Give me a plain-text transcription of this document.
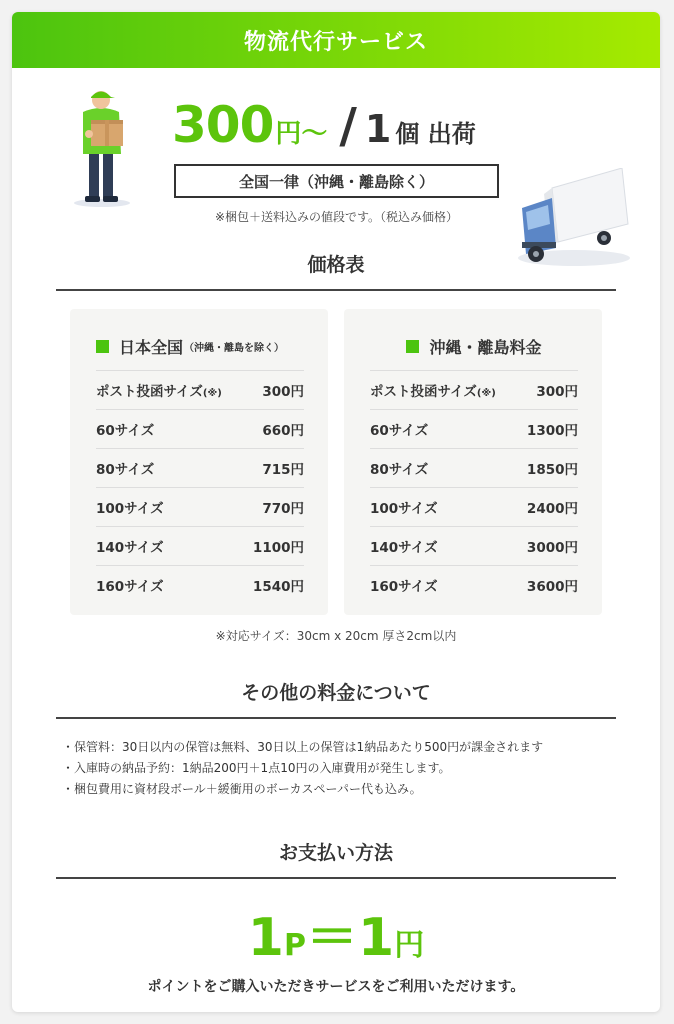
物流代行サービス
300 円〜 / 1 個 出荷
全国一律（沖縄・離島除く）
※梱包＋送料込みの値段です。（税込み価格）
価格表
日本全国 （沖縄・離島を除く）
ポスト投函サイズ(※)	300円
60サイズ	660円
80サイズ	715円
100サイズ	770円
140サイズ	1100円
160サイズ	1540円
沖縄・離島料金
ポスト投函サイズ(※)	300円
60サイズ	1300円
80サイズ	1850円
100サイズ	2400円
140サイズ	3000円
160サイズ	3600円
※対応サイズ：30cm x 20cm 厚さ2cm以内
その他の料金について
・ 保管料：30日以内の保管は無料、30日以上の保管は1納品あたり500円が課金されます
・ 入庫時の納品予約：1納品200円＋1点10円の入庫費用が発生します。
・ 梱包費用に資材段ボール＋緩衝用のボーカスペーパー代も込み。
お支払い方法
1P＝1円
ポイントをご購入いただきサービスをご利用いただけます。
